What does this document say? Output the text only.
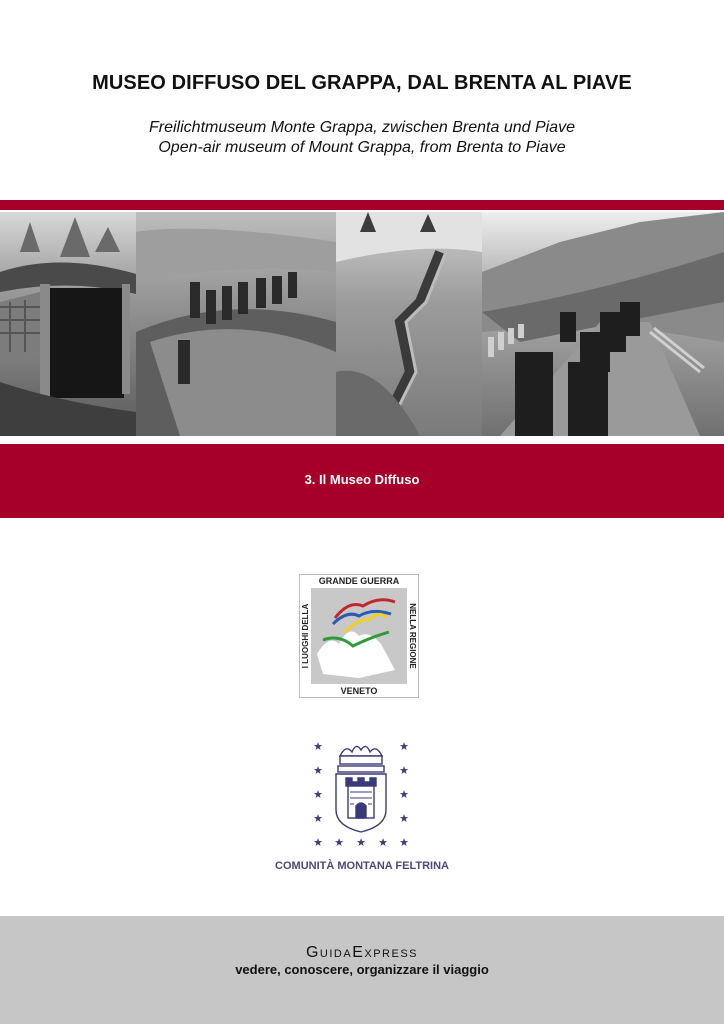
MUSEO DIFFUSO DEL GRAPPA, DAL BRENTA AL PIAVE
Freilichtmuseum Monte Grappa, zwischen Brenta und Piave
Open-air museum of Mount Grappa, from Brenta to Piave
3. Il Museo Diffuso
GRANDE GUERRA
VENETO
I LUOGHI DELLA	NELLA REGIONE
★	★
★	★
★	★
★	★
★ ★ ★ ★ ★
COMUNITÀ MONTANA FELTRINA
GuidaExpress
vedere, conoscere, organizzare il viaggio
